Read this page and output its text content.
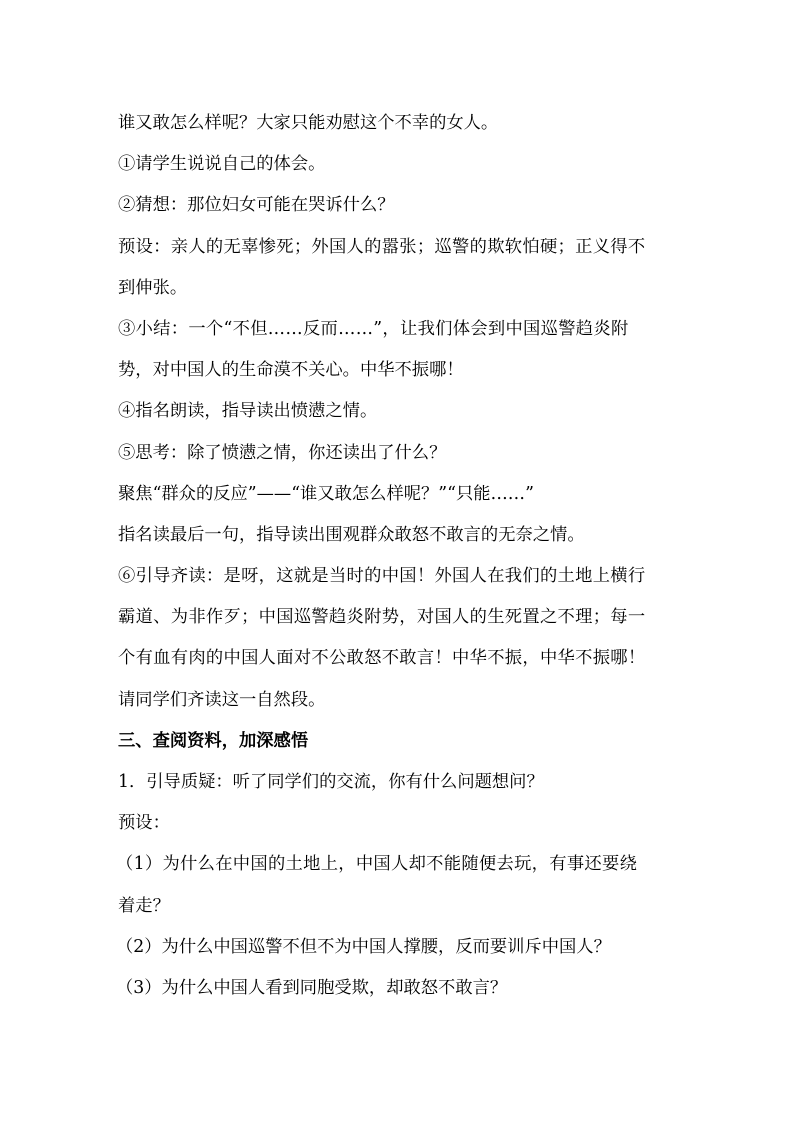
谁又敢怎么样呢？大家只能劝慰这个不幸的女人。
①请学生说说自己的体会。
②猜想：那位妇女可能在哭诉什么？
预设：亲人的无辜惨死；外国人的嚣张；巡警的欺软怕硬；正义得不
到伸张。
③小结：一个“不但……反而……”，让我们体会到中国巡警趋炎附
势，对中国人的生命漠不关心。中华不振哪！
④指名朗读，指导读出愤懑之情。
⑤思考：除了愤懑之情，你还读出了什么？
聚焦“群众的反应”——“谁又敢怎么样呢？”“只能……”
指名读最后一句，指导读出围观群众敢怒不敢言的无奈之情。
⑥引导齐读：是呀，这就是当时的中国！外国人在我们的土地上横行
霸道、为非作歹；中国巡警趋炎附势，对国人的生死置之不理；每一
个有血有肉的中国人面对不公敢怒不敢言！中华不振，中华不振哪！
请同学们齐读这一自然段。
三、查阅资料，加深感悟
1．引导质疑：听了同学们的交流，你有什么问题想问？
预设：
（1）为什么在中国的土地上，中国人却不能随便去玩，有事还要绕
着走？
（2）为什么中国巡警不但不为中国人撑腰，反而要训斥中国人？
（3）为什么中国人看到同胞受欺，却敢怒不敢言？
